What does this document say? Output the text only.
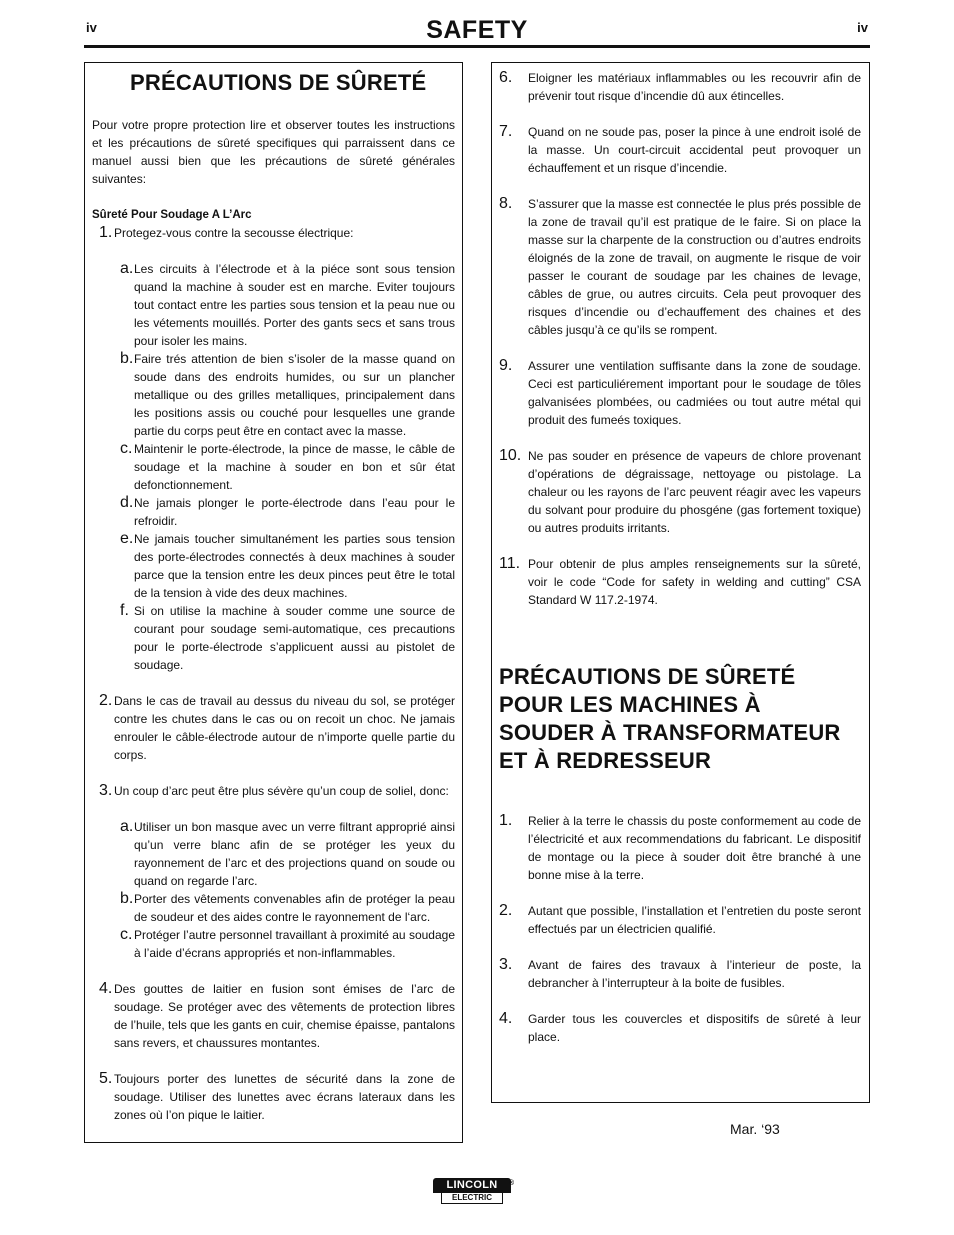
iv	SAFETY	iv
PRÉCAUTIONS DE SÛRETÉ

Pour votre propre protection lire et observer toutes les instructions et les précautions de sûreté specifiques qui parraissent dans ce manuel aussi bien que les précautions de sûreté générales suivantes:

Sûreté Pour Soudage A L’Arc
1. Protegez-vous contre la secousse électrique:

a. Les circuits à l’électrode et à la piéce sont sous tension quand la machine à souder est en marche. Eviter toujours tout contact entre les parties sous tension et la peau nue ou les vétements mouillés. Porter des gants secs et sans trous pour isoler les mains.

b. Faire trés attention de bien s’isoler de la masse quand on soude dans des endroits humides, ou sur un plancher metallique ou des grilles metalliques, principalement dans les positions assis ou couché pour lesquelles une grande partie du corps peut être en contact avec la masse.

c. Maintenir le porte-électrode, la pince de masse, le câble de soudage et la machine à souder en bon et sûr état defonctionnement.

d. Ne jamais plonger le porte-électrode dans l’eau pour le refroidir.

e. Ne jamais toucher simultanément les parties sous tension des porte-électrodes connectés à deux machines à souder parce que la tension entre les deux pinces peut être le total de la tension à vide des deux machines.

f. Si on utilise la machine à souder comme une source de courant pour soudage semi-automatique, ces precautions pour le porte-électrode s’applicuent aussi au pistolet de soudage.

2. Dans le cas de travail au dessus du niveau du sol, se protéger contre les chutes dans le cas ou on recoit un choc. Ne jamais enrouler le câble-électrode autour de n’importe quelle partie du corps.

3. Un coup d’arc peut être plus sévère qu’un coup de soliel, donc:

a. Utiliser un bon masque avec un verre filtrant approprié ainsi qu’un verre blanc afin de se protéger les yeux du rayonnement de l’arc et des projections quand on soude ou quand on regarde l’arc.

b. Porter des vêtements convenables afin de protéger la peau de soudeur et des aides contre le rayonnement de l‘arc.

c. Protéger l’autre personnel travaillant à proximité au soudage à l’aide d’écrans appropriés et non-inflammables.

4. Des gouttes de laitier en fusion sont émises de l’arc de soudage. Se protéger avec des vêtements de protection libres de l’huile, tels que les gants en cuir, chemise épaisse, pantalons sans revers, et chaussures montantes.

5. Toujours porter des lunettes de sécurité dans la zone de soudage. Utiliser des lunettes avec écrans lateraux dans les zones où l’on pique le laitier.

6. Eloigner les matériaux inflammables ou les recouvrir afin de prévenir tout risque d’incendie dû aux étincelles.

7. Quand on ne soude pas, poser la pince à une endroit isolé de la masse. Un court-circuit accidental peut provoquer un échauffement et un risque d’incendie.

8. S’assurer que la masse est connectée le plus prés possible de la zone de travail qu’il est pratique de le faire. Si on place la masse sur la charpente de la construction ou d’autres endroits éloignés de la zone de travail, on augmente le risque de voir passer le courant de soudage par les chaines de levage, câbles de grue, ou autres circuits. Cela peut provoquer des risques d’incendie ou d’echauffement des chaines et des câbles jusqu’à ce qu’ils se rompent.

9. Assurer une ventilation suffisante dans la zone de soudage. Ceci est particuliérement important pour le soudage de tôles galvanisées plombées, ou cadmiées ou tout autre métal qui produit des fumeés toxiques.

10. Ne pas souder en présence de vapeurs de chlore provenant d’opérations de dégraissage, nettoyage ou pistolage. La chaleur ou les rayons de l’arc peuvent réagir avec les vapeurs du solvant pour produire du phosgéne (gas fortement toxique) ou autres produits irritants.

11. Pour obtenir de plus amples renseignements sur la sûreté, voir le code “Code for safety in welding and cutting” CSA Standard W 117.2-1974.

PRÉCAUTIONS DE SÛRETÉ POUR LES MACHINES À SOUDER À TRANSFORMATEUR ET À REDRESSEUR
1. Relier à la terre le chassis du poste conformement au code de l’électricité et aux recommendations du fabricant. Le dispositif de montage ou la piece à souder doit être branché à une bonne mise à la terre.

2. Autant que possible, l’installation et l’entretien du poste seront effectués par un électricien qualifié.

3. Avant de faires des travaux à l’interieur de poste, la debrancher à l’interrupteur à la boite de fusibles.

4. Garder tous les couvercles et dispositifs de sûreté à leur place.

Mar. ‘93
LINCOLN
ELECTRIC
®
